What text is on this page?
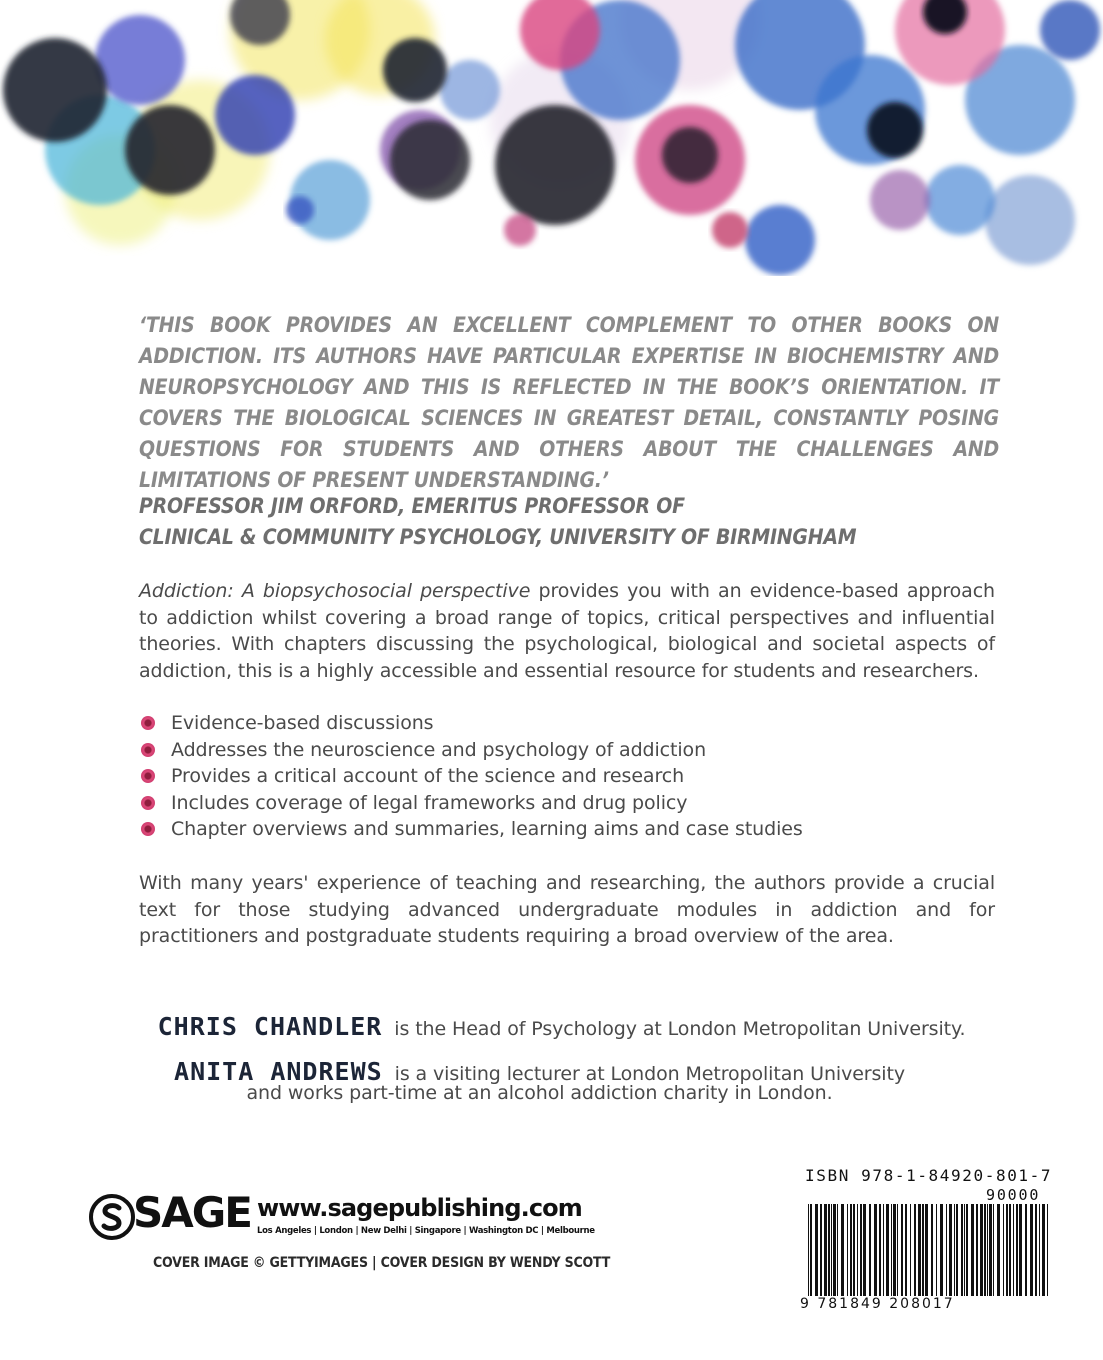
‘THIS BOOK PROVIDES AN EXCELLENT COMPLEMENT TO OTHER BOOKS ON ADDICTION. ITS AUTHORS HAVE PARTICULAR EXPERTISE IN BIOCHEMISTRY AND NEUROPSYCHOLOGY AND THIS IS REFLECTED IN THE BOOK’S ORIENTATION. IT COVERS THE BIOLOGICAL SCIENCES IN GREATEST DETAIL, CONSTANTLY POSING QUESTIONS FOR STUDENTS AND OTHERS ABOUT THE CHALLENGES AND LIMITATIONS OF PRESENT UNDERSTANDING.’
PROFESSOR JIM ORFORD, EMERITUS PROFESSOR OF
CLINICAL & COMMUNITY PSYCHOLOGY, UNIVERSITY OF BIRMINGHAM
Addiction: A biopsychosocial perspective provides you with an evidence-based approach to addiction whilst covering a broad range of topics, critical perspectives and influential theories. With chapters discussing the psychological, biological and societal aspects of addiction, this is a highly accessible and essential resource for students and researchers.
Evidence-based discussions
Addresses the neuroscience and psychology of addiction
Provides a critical account of the science and research
Includes coverage of legal frameworks and drug policy
Chapter overviews and summaries, learning aims and case studies
With many years' experience of teaching and researching, the authors provide a crucial text for those studying advanced undergraduate modules in addiction and for practitioners and postgraduate students requiring a broad overview of the area.
CHRIS CHANDLER is the Head of Psychology at London Metropolitan University.
ANITA ANDREWS is a visiting lecturer at London Metropolitan University
and works part-time at an alcohol addiction charity in London.
SAGE www.sagepublishing.com
Los Angeles | London | New Delhi | Singapore | Washington DC | Melbourne
COVER IMAGE © GETTYIMAGES | COVER DESIGN BY WENDY SCOTT
ISBN 978-1-84920-801-7
90000
9 781849 208017
